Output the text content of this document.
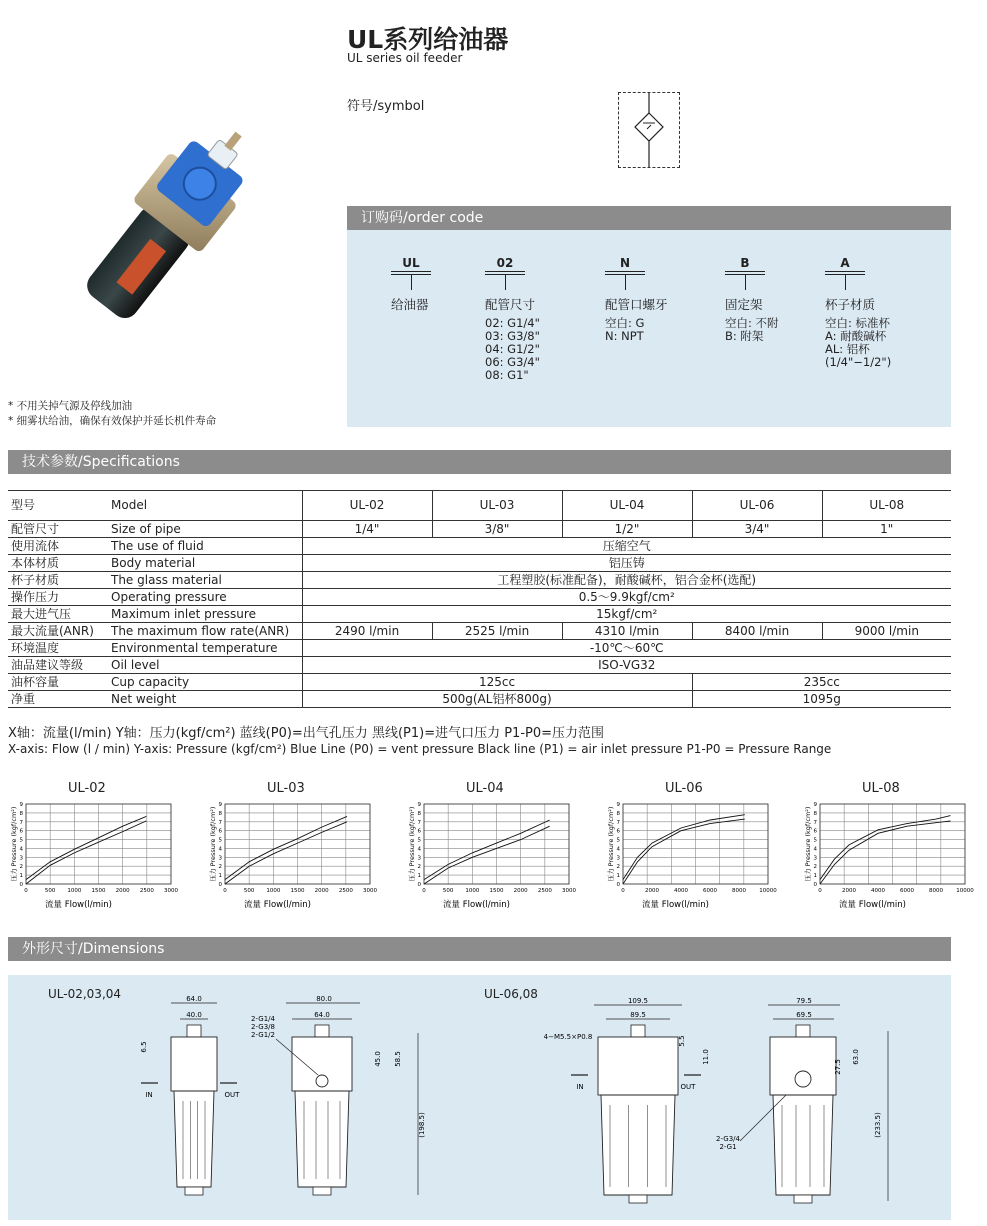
UL系列给油器
UL series oil feeder
符号/symbol
订购码/order code
UL
给油器
02
配管尺寸
02: G1/4"
03: G3/8"
04: G1/2"
06: G3/4"
08: G1"
N
配管口螺牙
空白: G
N: NPT
B
固定架
空白: 不附
B: 附架
A
杯子材质
空白: 标准杯
A: 耐酸碱杯
AL: 铝杯
(1/4"−1/2")
* 不用关掉气源及停线加油
* 细雾状给油，确保有效保护并延长机件寿命
技术参数/Specifications
型号	Model	UL-02	UL-03	UL-04	UL-06	UL-08
配管尺寸	Size of pipe	1/4"	3/8"	1/2"	3/4"	1"
使用流体	The use of fluid	压缩空气				
本体材质	Body material	铝压铸				
杯子材质	The glass material	工程塑胶(标准配备)，耐酸碱杯，铝合金杯(选配)				
操作压力	Operating pressure	0.5～9.9kgf/cm²				
最大进气压	Maximum inlet pressure	15kgf/cm²				
最大流量(ANR)	The maximum flow rate(ANR)	2490 l/min	2525 l/min	4310 l/min	8400 l/min	9000 l/min
环境温度	Environmental temperature	-10℃～60℃				
油品建议等级	Oil level	ISO-VG32				
油杯容量	Cup capacity	125cc			235cc	
净重	Net weight	500g(AL铝杯800g)			1095g	
X轴：流量(l/min) Y轴：压力(kgf/cm²) 蓝线(P0)=出气孔压力 黑线(P1)=进气口压力 P1-P0=压力范围
X-axis: Flow (l / min) Y-axis: Pressure (kgf/cm²) Blue Line (P0) = vent pressure Black line (P1) = air inlet pressure P1-P0 = Pressure Range
0
1
2
3
4
5
6
7
8
9
0	500 1000 1500 2000 2500 3000
流量 Flow(l/min)
压力 Pressure (kgf/cm²)
0
1
2
3
4
5
6
7
8
9
0	500 1000 1500 2000 2500 3000
流量 Flow(l/min)
压力 Pressure (kgf/cm²)
0
1
2
3
4
5
6
7
8
9
0	500 1000 1500 2000 2500 3000
流量 Flow(l/min)
压力 Pressure (kgf/cm²)
0
1
2
3
4
5
6
7
8
9
0	2000	4000	6000	8000 10000
流量 Flow(l/min)
压力 Pressure (kgf/cm²)
0
1
2
3
4
5
6
7
8
9
0	2000	4000	6000	8000 10000
流量 Flow(l/min)
压力 Pressure (kgf/cm²)
外形尺寸/Dimensions
UL-02,03,04	UL-06,08
64.0
40.0
6.5
IN	OUT
80.0
64.0
2-G1/4
2-G3/8
2-G1/2
45.0 58.5
(198.5)
109.5
89.5
4−M5.5×P0.8	5.5
11.0
IN	OUT
79.5
69.5
63.0
27.5
2-G3/4
2-G1
(233.5)
UL-02	UL-03	UL-04	UL-06	UL-08
